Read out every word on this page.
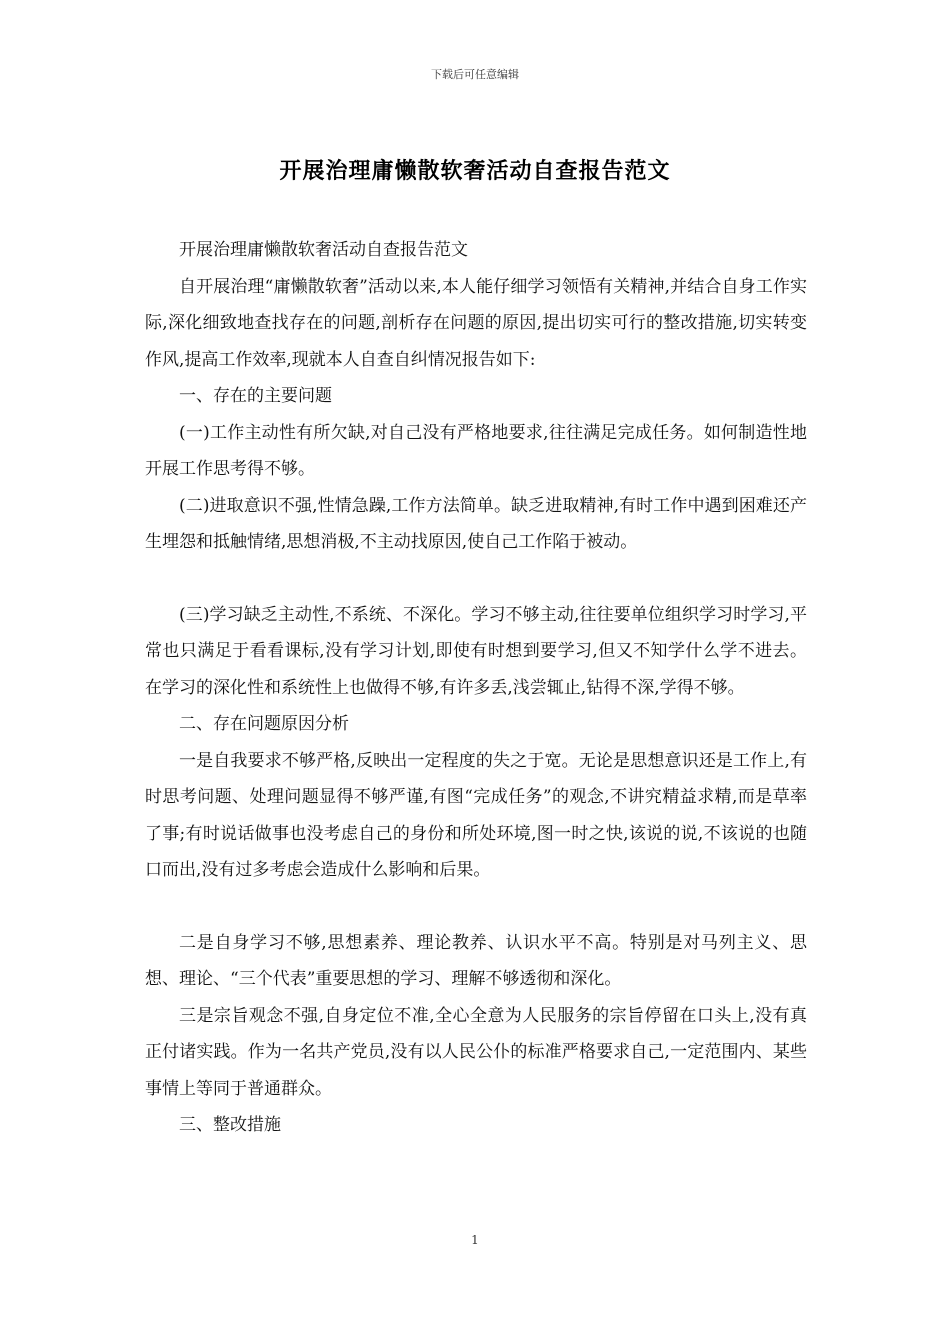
下载后可任意编辑
开展治理庸懒散软奢活动自查报告范文

开展治理庸懒散软奢活动自查报告范文

自开展治理“庸懒散软奢”活动以来,本人能仔细学习领悟有关精神,并结合自身工作实际,深化细致地查找存在的问题,剖析存在问题的原因,提出切实可行的整改措施,切实转变作风,提高工作效率,现就本人自查自纠情况报告如下:

一、存在的主要问题

(一)工作主动性有所欠缺,对自己没有严格地要求,往往满足完成任务。如何制造性地开展工作思考得不够。

(二)进取意识不强,性情急躁,工作方法简单。缺乏进取精神,有时工作中遇到困难还产生埋怨和抵触情绪,思想消极,不主动找原因,使自己工作陷于被动。

(三)学习缺乏主动性,不系统、不深化。学习不够主动,往往要单位组织学习时学习,平常也只满足于看看课标,没有学习计划,即使有时想到要学习,但又不知学什么学不进去。在学习的深化性和系统性上也做得不够,有许多丢,浅尝辄止,钻得不深,学得不够。

二、存在问题原因分析

一是自我要求不够严格,反映出一定程度的失之于宽。无论是思想意识还是工作上,有时思考问题、处理问题显得不够严谨,有图“完成任务”的观念,不讲究精益求精,而是草率了事;有时说话做事也没考虑自己的身份和所处环境,图一时之快,该说的说,不该说的也随口而出,没有过多考虑会造成什么影响和后果。

二是自身学习不够,思想素养、理论教养、认识水平不高。特别是对马列主义、思想、理论、“三个代表”重要思想的学习、理解不够透彻和深化。

三是宗旨观念不强,自身定位不准,全心全意为人民服务的宗旨停留在口头上,没有真正付诸实践。作为一名共产党员,没有以人民公仆的标准严格要求自己,一定范围内、某些事情上等同于普通群众。

三、整改措施

1
